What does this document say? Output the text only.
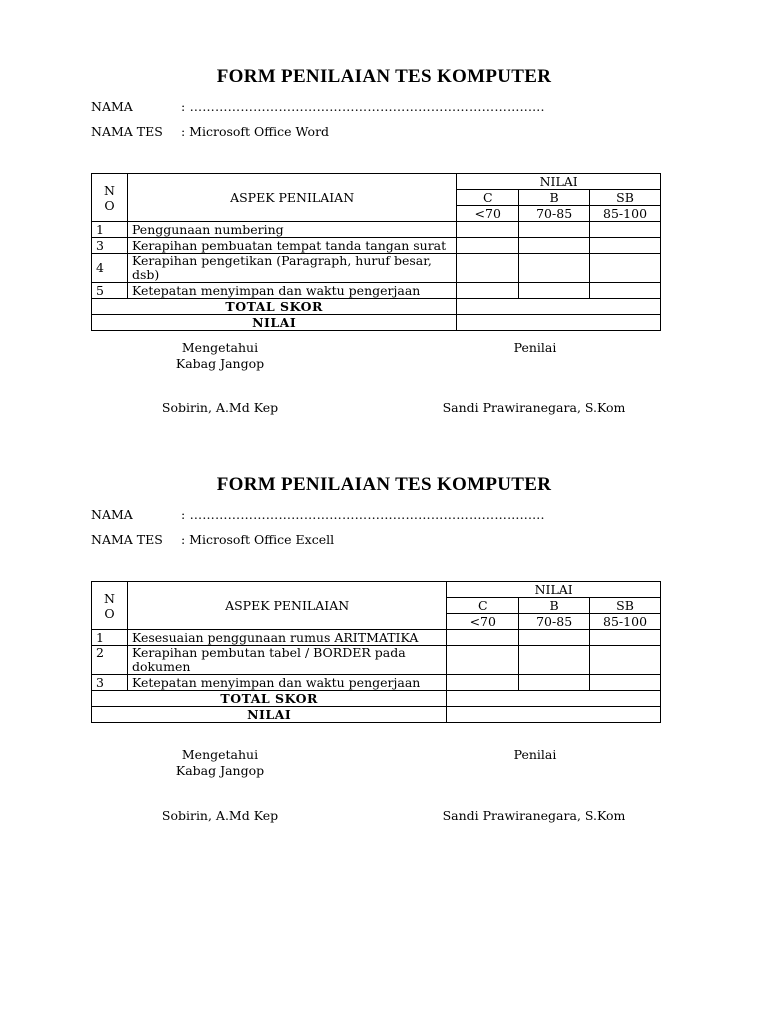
FORM PENILAIAN TES KOMPUTER
NAMA	: ………………………………………………………………….........
NAMA TES : Microsoft Office Word
N
O	ASPEK PENILAIAN	NILAI		
		C	B	SB
		<70	70-85	85-100
1	Penggunaan numbering			
3	Kerapihan pembuatan tempat tanda tangan surat			
4	Kerapihan pengetikan (Paragraph, huruf besar, dsb)			
5	Ketepatan menyimpan dan waktu pengerjaan			
TOTAL SKOR				
NILAI				
Mengetahui
Kabag Jangop
Penilai
Sobirin, A.Md Kep	Sandi Prawiranegara, S.Kom
FORM PENILAIAN TES KOMPUTER
NAMA	: ………………………………………………………………….........
NAMA TES : Microsoft Office Excell
N
O	ASPEK PENILAIAN	NILAI		
		C	B	SB
		<70	70-85	85-100
1	Kesesuaian penggunaan rumus ARITMATIKA			
2	Kerapihan pembutan tabel / BORDER pada dokumen			
3	Ketepatan menyimpan dan waktu pengerjaan			
TOTAL SKOR				
NILAI				
Mengetahui
Kabag Jangop
Penilai
Sobirin, A.Md Kep	Sandi Prawiranegara, S.Kom
